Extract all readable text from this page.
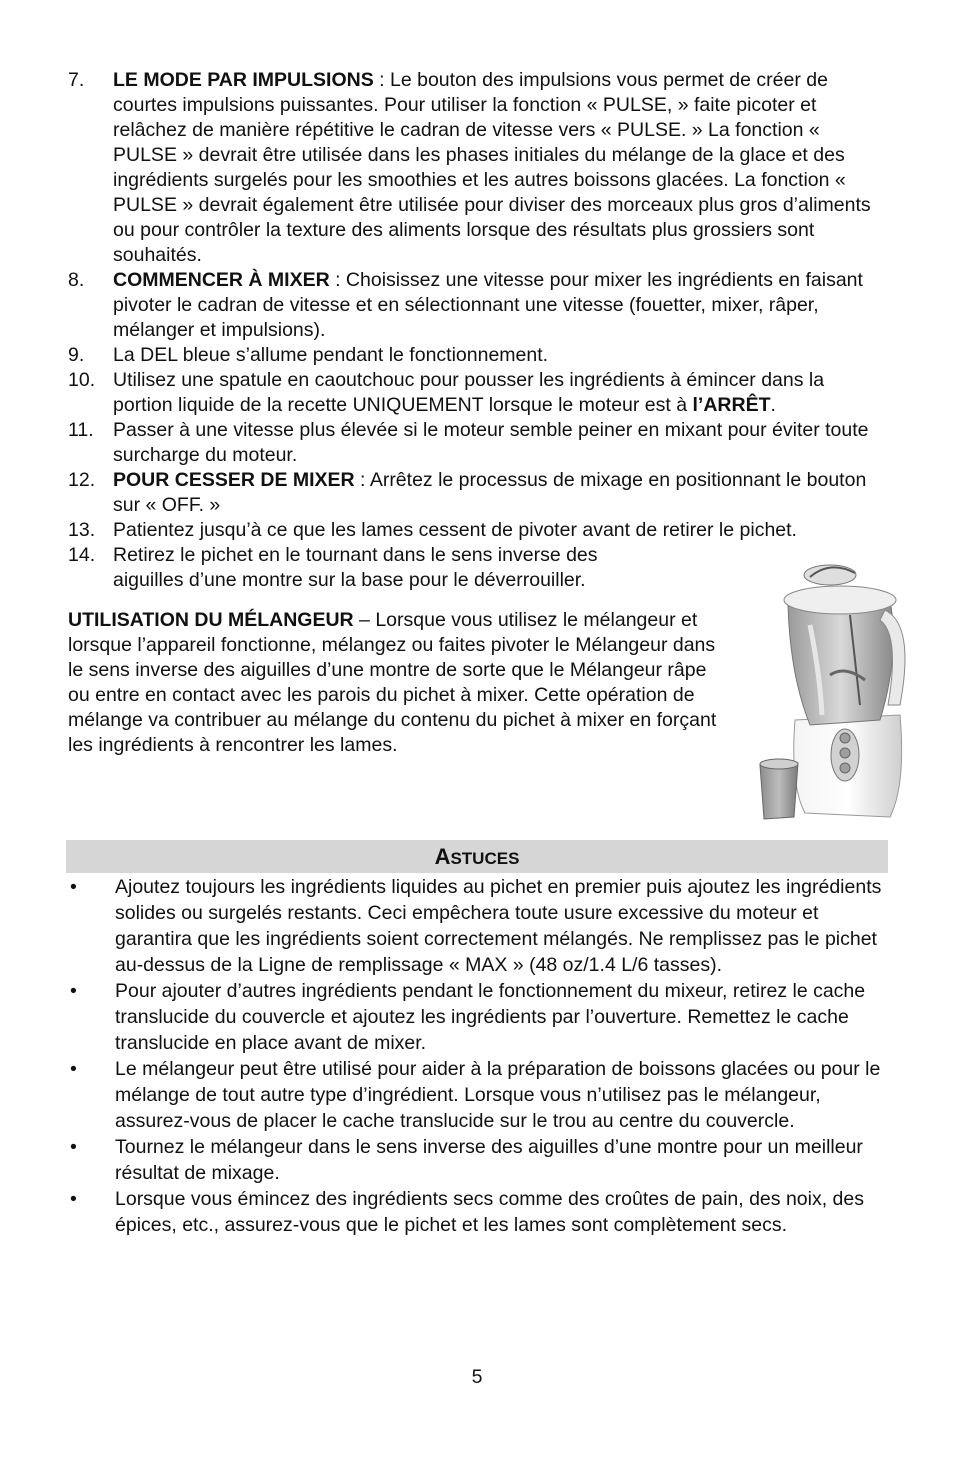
7.	LE MODE PAR IMPULSIONS : Le bouton des impulsions vous permet de créer de courtes impulsions puissantes. Pour utiliser la fonction « PULSE, » faite picoter et relâchez de manière répétitive le cadran de vitesse vers « PULSE. » La fonction « PULSE » devrait être utilisée dans les phases initiales du mélange de la glace et des ingrédients surgelés pour les smoothies et les autres boissons glacées. La fonction « PULSE » devrait également être utilisée pour diviser des morceaux plus gros d’aliments ou pour contrôler la texture des aliments lorsque des résultats plus grossiers sont souhaités.
8.	COMMENCER À MIXER : Choisissez une vitesse pour mixer les ingrédients en faisant pivoter le cadran de vitesse et en sélectionnant une vitesse (fouetter, mixer, râper, mélanger et impulsions).
9.	La DEL bleue s’allume pendant le fonctionnement.
10. Utilisez une spatule en caoutchouc pour pousser les ingrédients à émincer dans la portion liquide de la recette UNIQUEMENT lorsque le moteur est à l’ARRÊT.
11. Passer à une vitesse plus élevée si le moteur semble peiner en mixant pour éviter toute surcharge du moteur.
12. POUR CESSER DE MIXER : Arrêtez le processus de mixage en positionnant le bouton sur « OFF. »
13. Patientez jusqu’à ce que les lames cessent de pivoter avant de retirer le pichet.
14. Retirez le pichet en le tournant dans le sens inverse des aiguilles d’une montre sur la base pour le déverrouiller.
UTILISATION DU MÉLANGEUR – Lorsque vous utilisez le mélangeur et lorsque l’appareil fonctionne, mélangez ou faites pivoter le Mélangeur dans le sens inverse des aiguilles d’une montre de sorte que le Mélangeur râpe ou entre en contact avec les parois du pichet à mixer. Cette opération de mélange va contribuer au mélange du contenu du pichet à mixer en forçant les ingrédients à rencontrer les lames.
ASTUCES
•	Ajoutez toujours les ingrédients liquides au pichet en premier puis ajoutez les ingrédients solides ou surgelés restants. Ceci empêchera toute usure excessive du moteur et garantira que les ingrédients soient correctement mélangés. Ne remplissez pas le pichet au-dessus de la Ligne de remplissage « MAX » (48 oz/1.4 L/6 tasses).
•	Pour ajouter d’autres ingrédients pendant le fonctionnement du mixeur, retirez le cache translucide du couvercle et ajoutez les ingrédients par l’ouverture. Remettez le cache translucide en place avant de mixer.
•	Le mélangeur peut être utilisé pour aider à la préparation de boissons glacées ou pour le mélange de tout autre type d’ingrédient. Lorsque vous n’utilisez pas le mélangeur, assurez-vous de placer le cache translucide sur le trou au centre du couvercle.
•	Tournez le mélangeur dans le sens inverse des aiguilles d’une montre pour un meilleur résultat de mixage.
•	Lorsque vous émincez des ingrédients secs comme des croûtes de pain, des noix, des épices, etc., assurez-vous que le pichet et les lames sont complètement secs.
5
